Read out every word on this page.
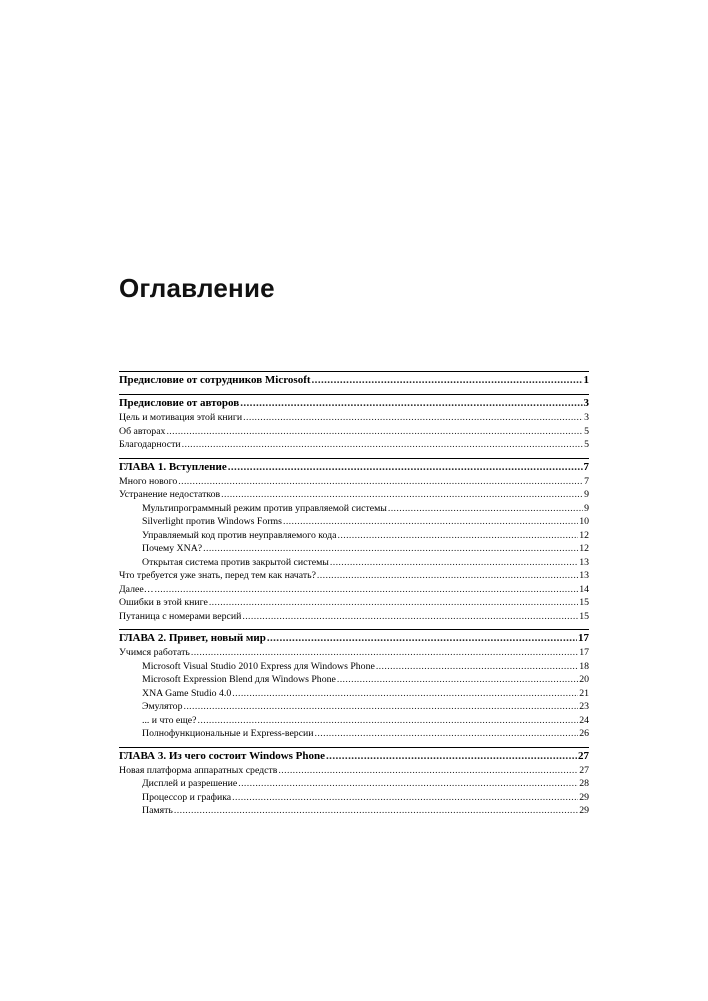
Оглавление
Предисловие от сотрудников Microsoft .....	1
Предисловие от авторов .....	3
Цель и мотивация этой книги .....	3
Об авторах .....	5
Благодарности .....	5
ГЛАВА 1. Вступление .....	7
Много нового .....	7
Устранение недостатков .....	9
Мультипрограммный режим против управляемой системы .....	9
Silverlight против Windows Forms .....	10
Управляемый код против неуправляемого кода .....	12
Почему XNA? .....	12
Открытая система против закрытой системы .....	13
Что требуется уже знать, перед тем как начать? .....	13
Далее… .....	14
Ошибки в этой книге .....	15
Путаница с номерами версий .....	15
ГЛАВА 2. Привет, новый мир .....	17
Учимся работать .....	17
Microsoft Visual Studio 2010 Express для Windows Phone .....	18
Microsoft Expression Blend для Windows Phone .....	20
XNA Game Studio 4.0 .....	21
Эмулятор .....	23
... и что еще? .....	24
Полнофункциональные и Express-версии .....	26
ГЛАВА 3. Из чего состоит Windows Phone .....	27
Новая платформа аппаратных средств .....	27
Дисплей и разрешение .....	28
Процессор и графика .....	29
Память .....	29
